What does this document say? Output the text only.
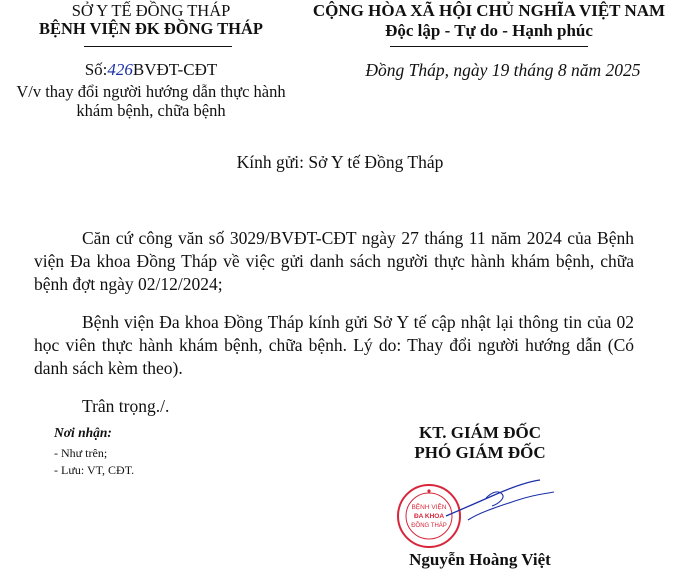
SỞ Y TẾ ĐỒNG THÁP
BỆNH VIỆN ĐK ĐỒNG THÁP
Số:426BVĐT-CĐT
V/v thay đổi người hướng dẫn thực hành
khám bệnh, chữa bệnh
CỘNG HÒA XÃ HỘI CHỦ NGHĨA VIỆT NAM
Độc lập - Tự do - Hạnh phúc
Đồng Tháp, ngày 19 tháng 8 năm 2025
Kính gửi: Sở Y tế Đồng Tháp

Căn cứ công văn số 3029/BVĐT-CĐT ngày 27 tháng 11 năm 2024 của Bệnh viện Đa khoa Đồng Tháp về việc gửi danh sách người thực hành khám bệnh, chữa bệnh đợt ngày 02/12/2024;

Bệnh viện Đa khoa Đồng Tháp kính gửi Sở Y tế cập nhật lại thông tin của 02 học viên thực hành khám bệnh, chữa bệnh. Lý do: Thay đổi người hướng dẫn (Có danh sách kèm theo).

Trân trọng./.

Nơi nhận:
- Như trên;
- Lưu: VT, CĐT.
KT. GIÁM ĐỐC
PHÓ GIÁM ĐỐC
BỆNH VIỆN
ĐA KHOA
ĐỒNG THÁP
Nguyễn Hoàng Việt
